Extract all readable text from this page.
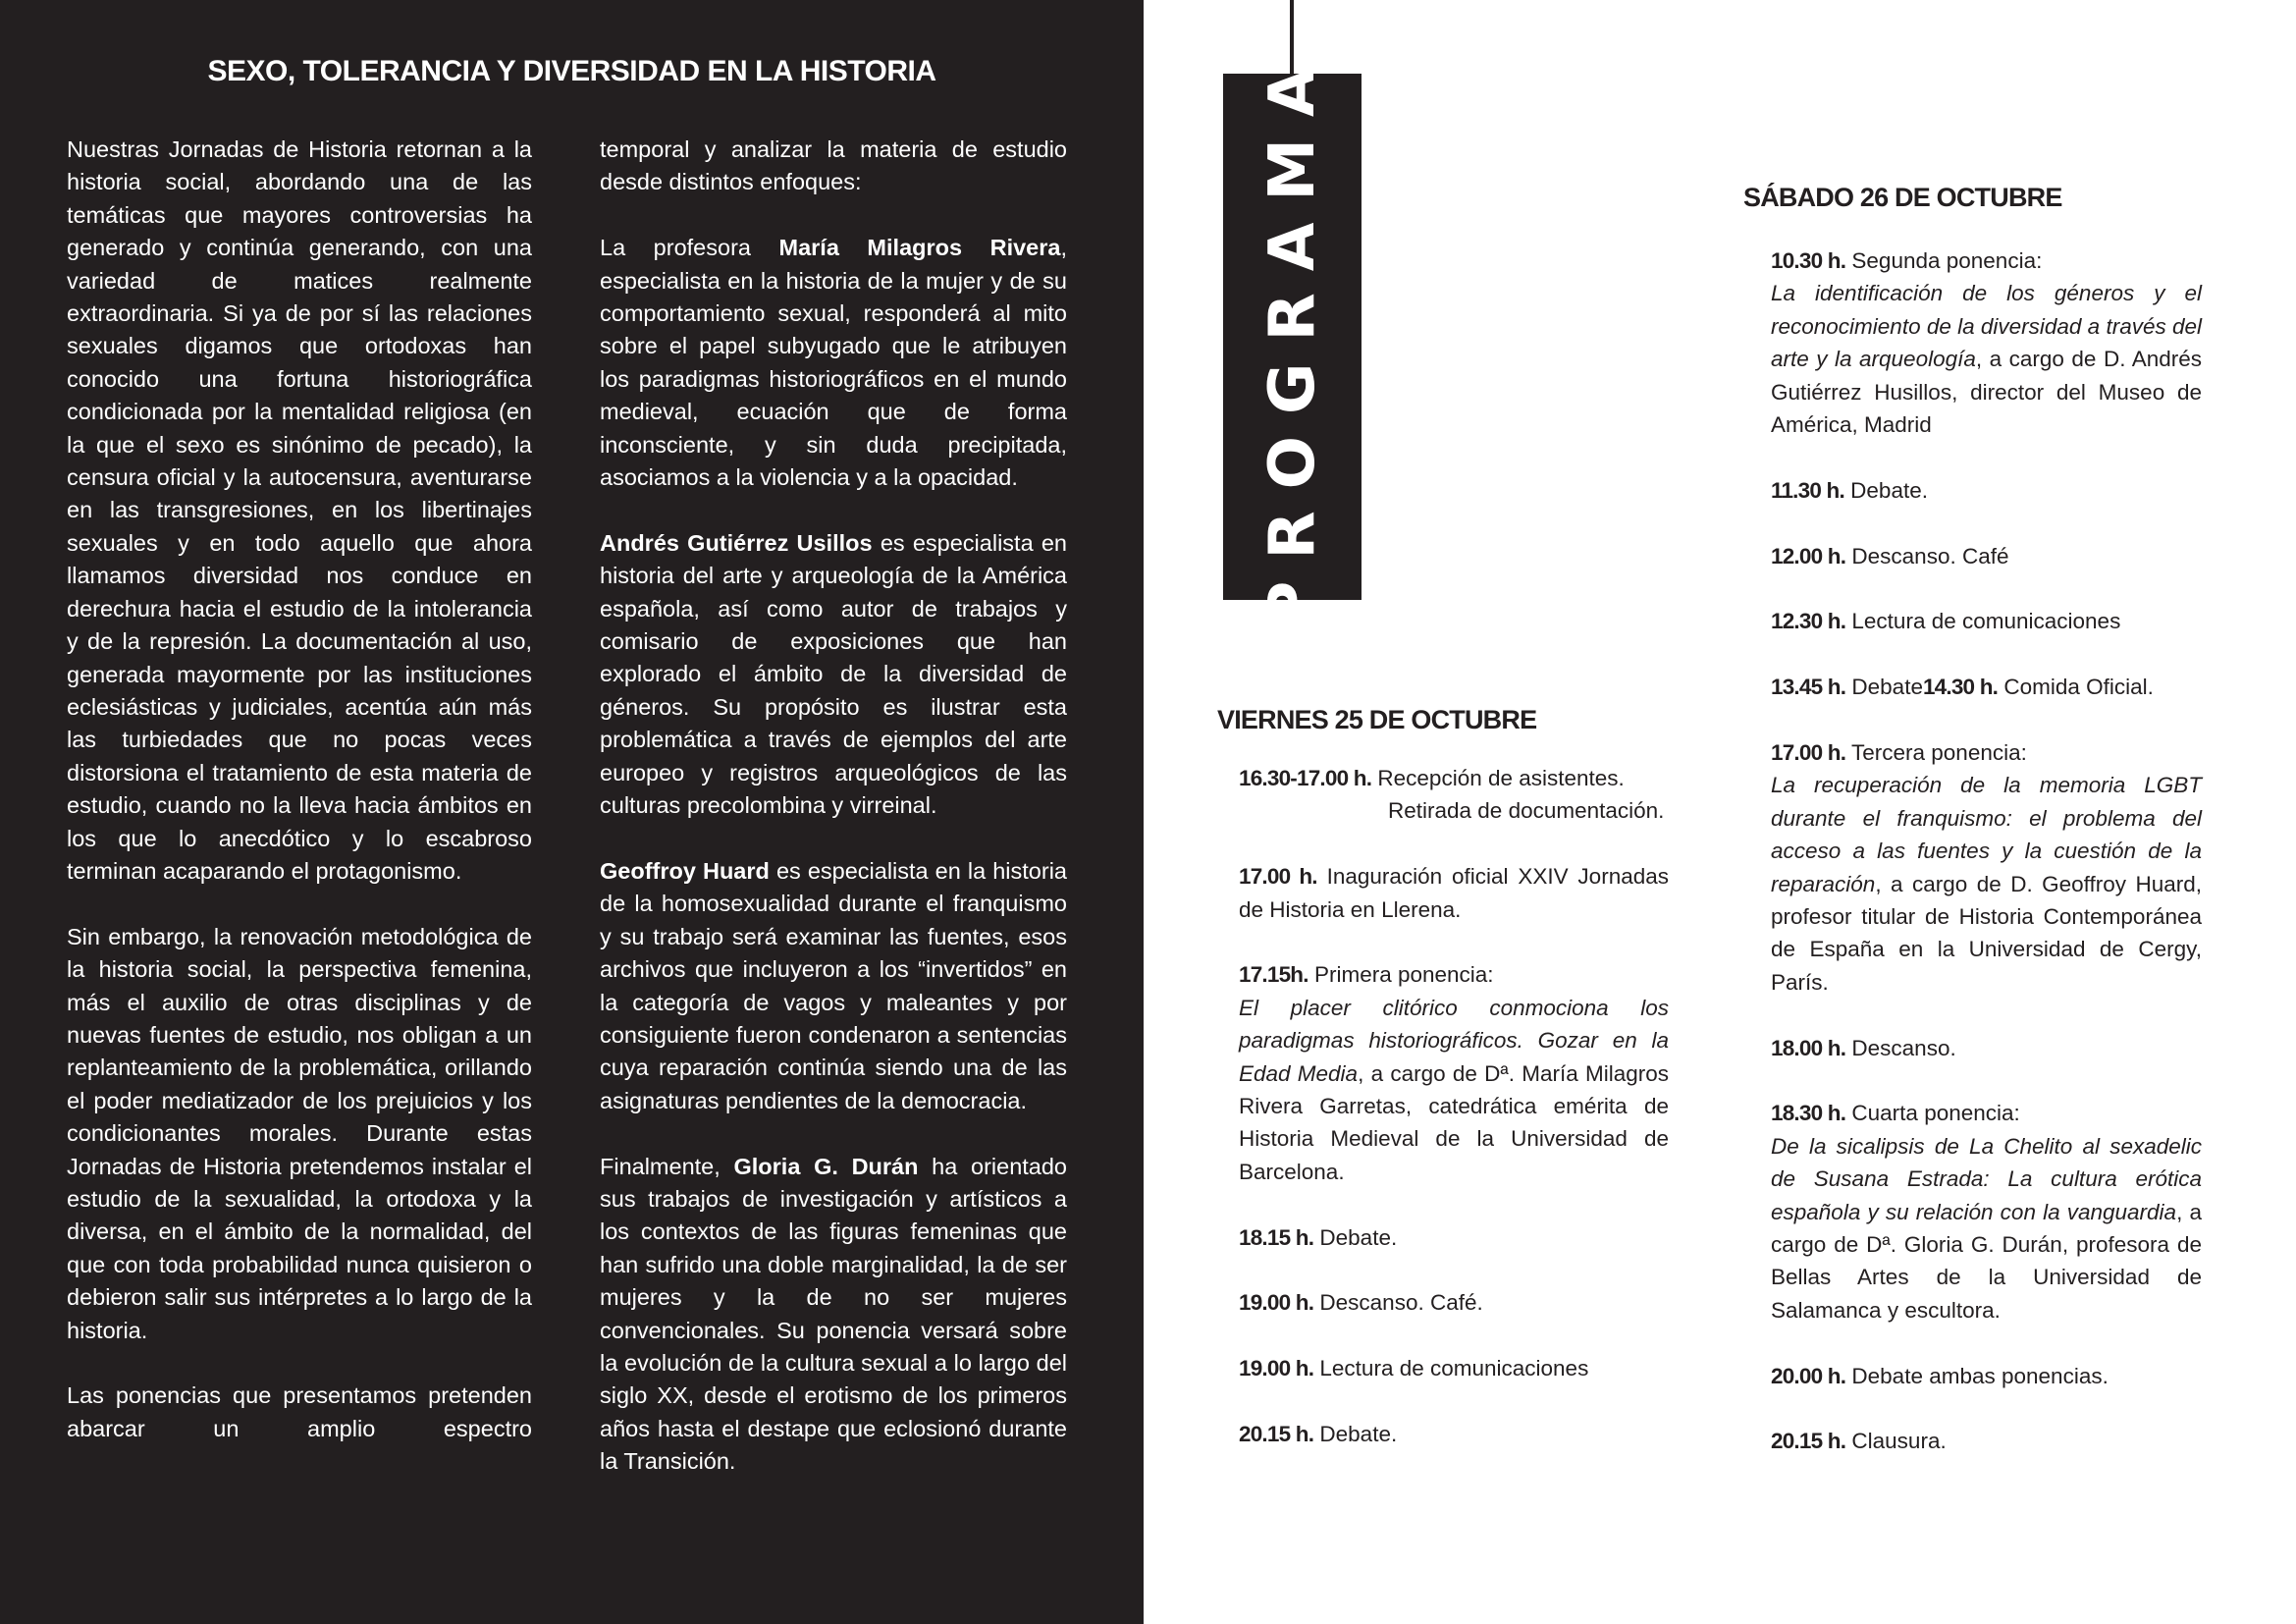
SEXO, TOLERANCIA Y DIVERSIDAD EN LA HISTORIA

Nuestras Jornadas de Historia retornan a la historia social, abordando una de las temáticas que mayores controversias ha generado y continúa generando, con una variedad de matices realmente extraordinaria. Si ya de por sí las relaciones sexuales digamos que ortodoxas han conocido una fortuna historiográfica condicionada por la mentalidad religiosa (en la que el sexo es sinónimo de pecado), la censura oficial y la autocensura, aventurarse en las transgresiones, en los libertinajes sexuales y en todo aquello que ahora llamamos diversidad nos conduce en derechura hacia el estudio de la intolerancia y de la represión. La documentación al uso, generada mayormente por las instituciones eclesiásticas y judiciales, acentúa aún más las turbiedades que no pocas veces distorsiona el tratamiento de esta materia de estudio, cuando no la lleva hacia ámbitos en los que lo anecdótico y lo escabroso terminan acaparando el protagonismo.

Sin embargo, la renovación metodológica de la historia social, la perspectiva femenina, más el auxilio de otras disciplinas y de nuevas fuentes de estudio, nos obligan a un replanteamiento de la problemática, orillando el poder mediatizador de los prejuicios y los condicionantes morales. Durante estas Jornadas de Historia pretendemos instalar el estudio de la sexualidad, la ortodoxa y la diversa, en el ámbito de la normalidad, del que con toda probabilidad nunca quisieron o debieron salir sus intérpretes a lo largo de la historia.

Las ponencias que presentamos pretenden abarcar un amplio espectro

temporal y analizar la materia de estudio desde distintos enfoques:

La profesora María Milagros Rivera, especialista en la historia de la mujer y de su comportamiento sexual, responderá al mito sobre el papel subyugado que le atribuyen los paradigmas historiográficos en el mundo medieval, ecuación que de forma inconsciente, y sin duda precipitada, asociamos a la violencia y a la opacidad.

Andrés Gutiérrez Usillos es especialista en historia del arte y arqueología de la América española, así como autor de trabajos y comisario de exposiciones que han explorado el ámbito de la diversidad de géneros. Su propósito es ilustrar esta problemática a través de ejemplos del arte europeo y registros arqueológicos de las culturas precolombina y virreinal.

Geoffroy Huard es especialista en la historia de la homosexualidad durante el franquismo y su trabajo será examinar las fuentes, esos archivos que incluyeron a los “invertidos” en la categoría de vagos y maleantes y por consiguiente fueron condenaron a sentencias cuya reparación continúa siendo una de las asignaturas pendientes de la democracia.

Finalmente, Gloria G. Durán ha orientado sus trabajos de investigación y artísticos a los contextos de las figuras femeninas que han sufrido una doble marginalidad, la de ser mujeres y la de no ser mujeres convencionales. Su ponencia versará sobre la evolución de la cultura sexual a lo largo del siglo XX, desde el erotismo de los primeros años hasta el destape que eclosionó durante la Transición.

PROGRAMA
VIERNES 25 DE OCTUBRE
16.30-17.00 h. Recepción de asistentes.
Retirada de documentación.
17.00 h. Inaguración oficial XXIV Jornadas de Historia en Llerena.
17.15h. Primera ponencia:
El placer clitórico conmociona los paradigmas historiográficos. Gozar en la Edad Media, a cargo de Dª. María Milagros Rivera Garretas, catedrática emérita de Historia Medieval de la Universidad de Barcelona.
18.15 h. Debate.
19.00 h. Descanso. Café.
19.00 h. Lectura de comunicaciones
20.15 h. Debate.
SÁBADO 26 DE OCTUBRE
10.30 h. Segunda ponencia:
La identificación de los géneros y el reconocimiento de la diversidad a través del arte y la arqueología, a cargo de D. Andrés Gutiérrez Husillos, director del Museo de América, Madrid
11.30 h. Debate.
12.00 h. Descanso. Café
12.30 h. Lectura de comunicaciones
13.45 h. Debate14.30 h. Comida Oficial.
17.00 h. Tercera ponencia:
La recuperación de la memoria LGBT durante el franquismo: el problema del acceso a las fuentes y la cuestión de la reparación, a cargo de D. Geoffroy Huard, profesor titular de Historia Contemporánea de España en la Universidad de Cergy, París.
18.00 h. Descanso.
18.30 h. Cuarta ponencia:
De la sicalipsis de La Chelito al sexadelic de Susana Estrada: La cultura erótica española y su relación con la vanguardia, a cargo de Dª. Gloria G. Durán, profesora de Bellas Artes de la Universidad de Salamanca y escultora.
20.00 h. Debate ambas ponencias.
20.15 h. Clausura.
